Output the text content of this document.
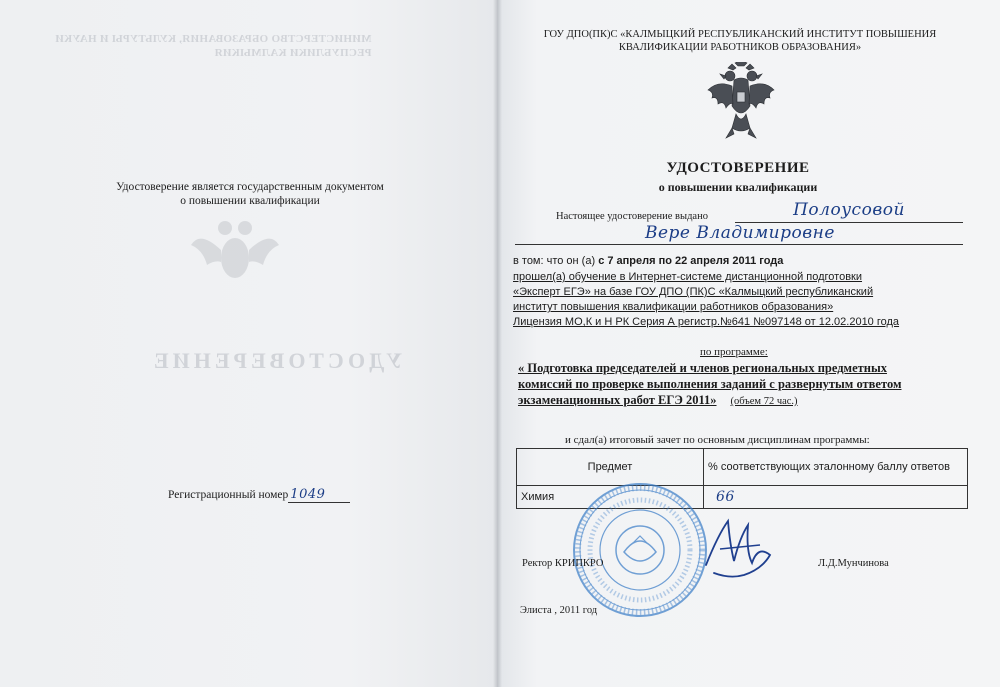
МИНИСТЕРСТВО ОБРАЗОВАНИЯ, КУЛЬТУРЫ И НАУКИ
РЕСПУБЛИКИ КАЛМЫКИЯ
УДОСТОВЕРЕНИЕ
Удостоверение является государственным документом
о повышении квалификации
Регистрационный номер 1049
ГОУ ДПО(ПК)С «КАЛМЫЦКИЙ РЕСПУБЛИКАНСКИЙ ИНСТИТУТ ПОВЫШЕНИЯ
КВАЛИФИКАЦИИ РАБОТНИКОВ ОБРАЗОВАНИЯ»
УДОСТОВЕРЕНИЕ
о повышении квалификации
Настоящее удостоверение выдано	Полоусовой
Вере Владимировне
в том: что он (а) с 7 апреля по 22 апреля 2011 года
прошел(а) обучение в Интернет-системе дистанционной подготовки
«Эксперт ЕГЭ» на базе ГОУ ДПО (ПК)С «Калмыцкий республиканский
институт повышения квалификации работников образования»
Лицензия МО,К и Н РК Серия А регистр.№641 №097148 от 12.02.2010 года
по программе:
« Подготовка председателей и членов региональных предметных
комиссий по проверке выполнения заданий с развернутым ответом
экзаменационных работ ЕГЭ 2011» (объем 72 час.)
и сдал(а) итоговый зачет по основным дисциплинам программы:
Предмет	% соответствующих эталонному баллу ответов
Химия	66
Ректор КРИПКРО	Л.Д.Мунчинова
Элиста , 2011 год
